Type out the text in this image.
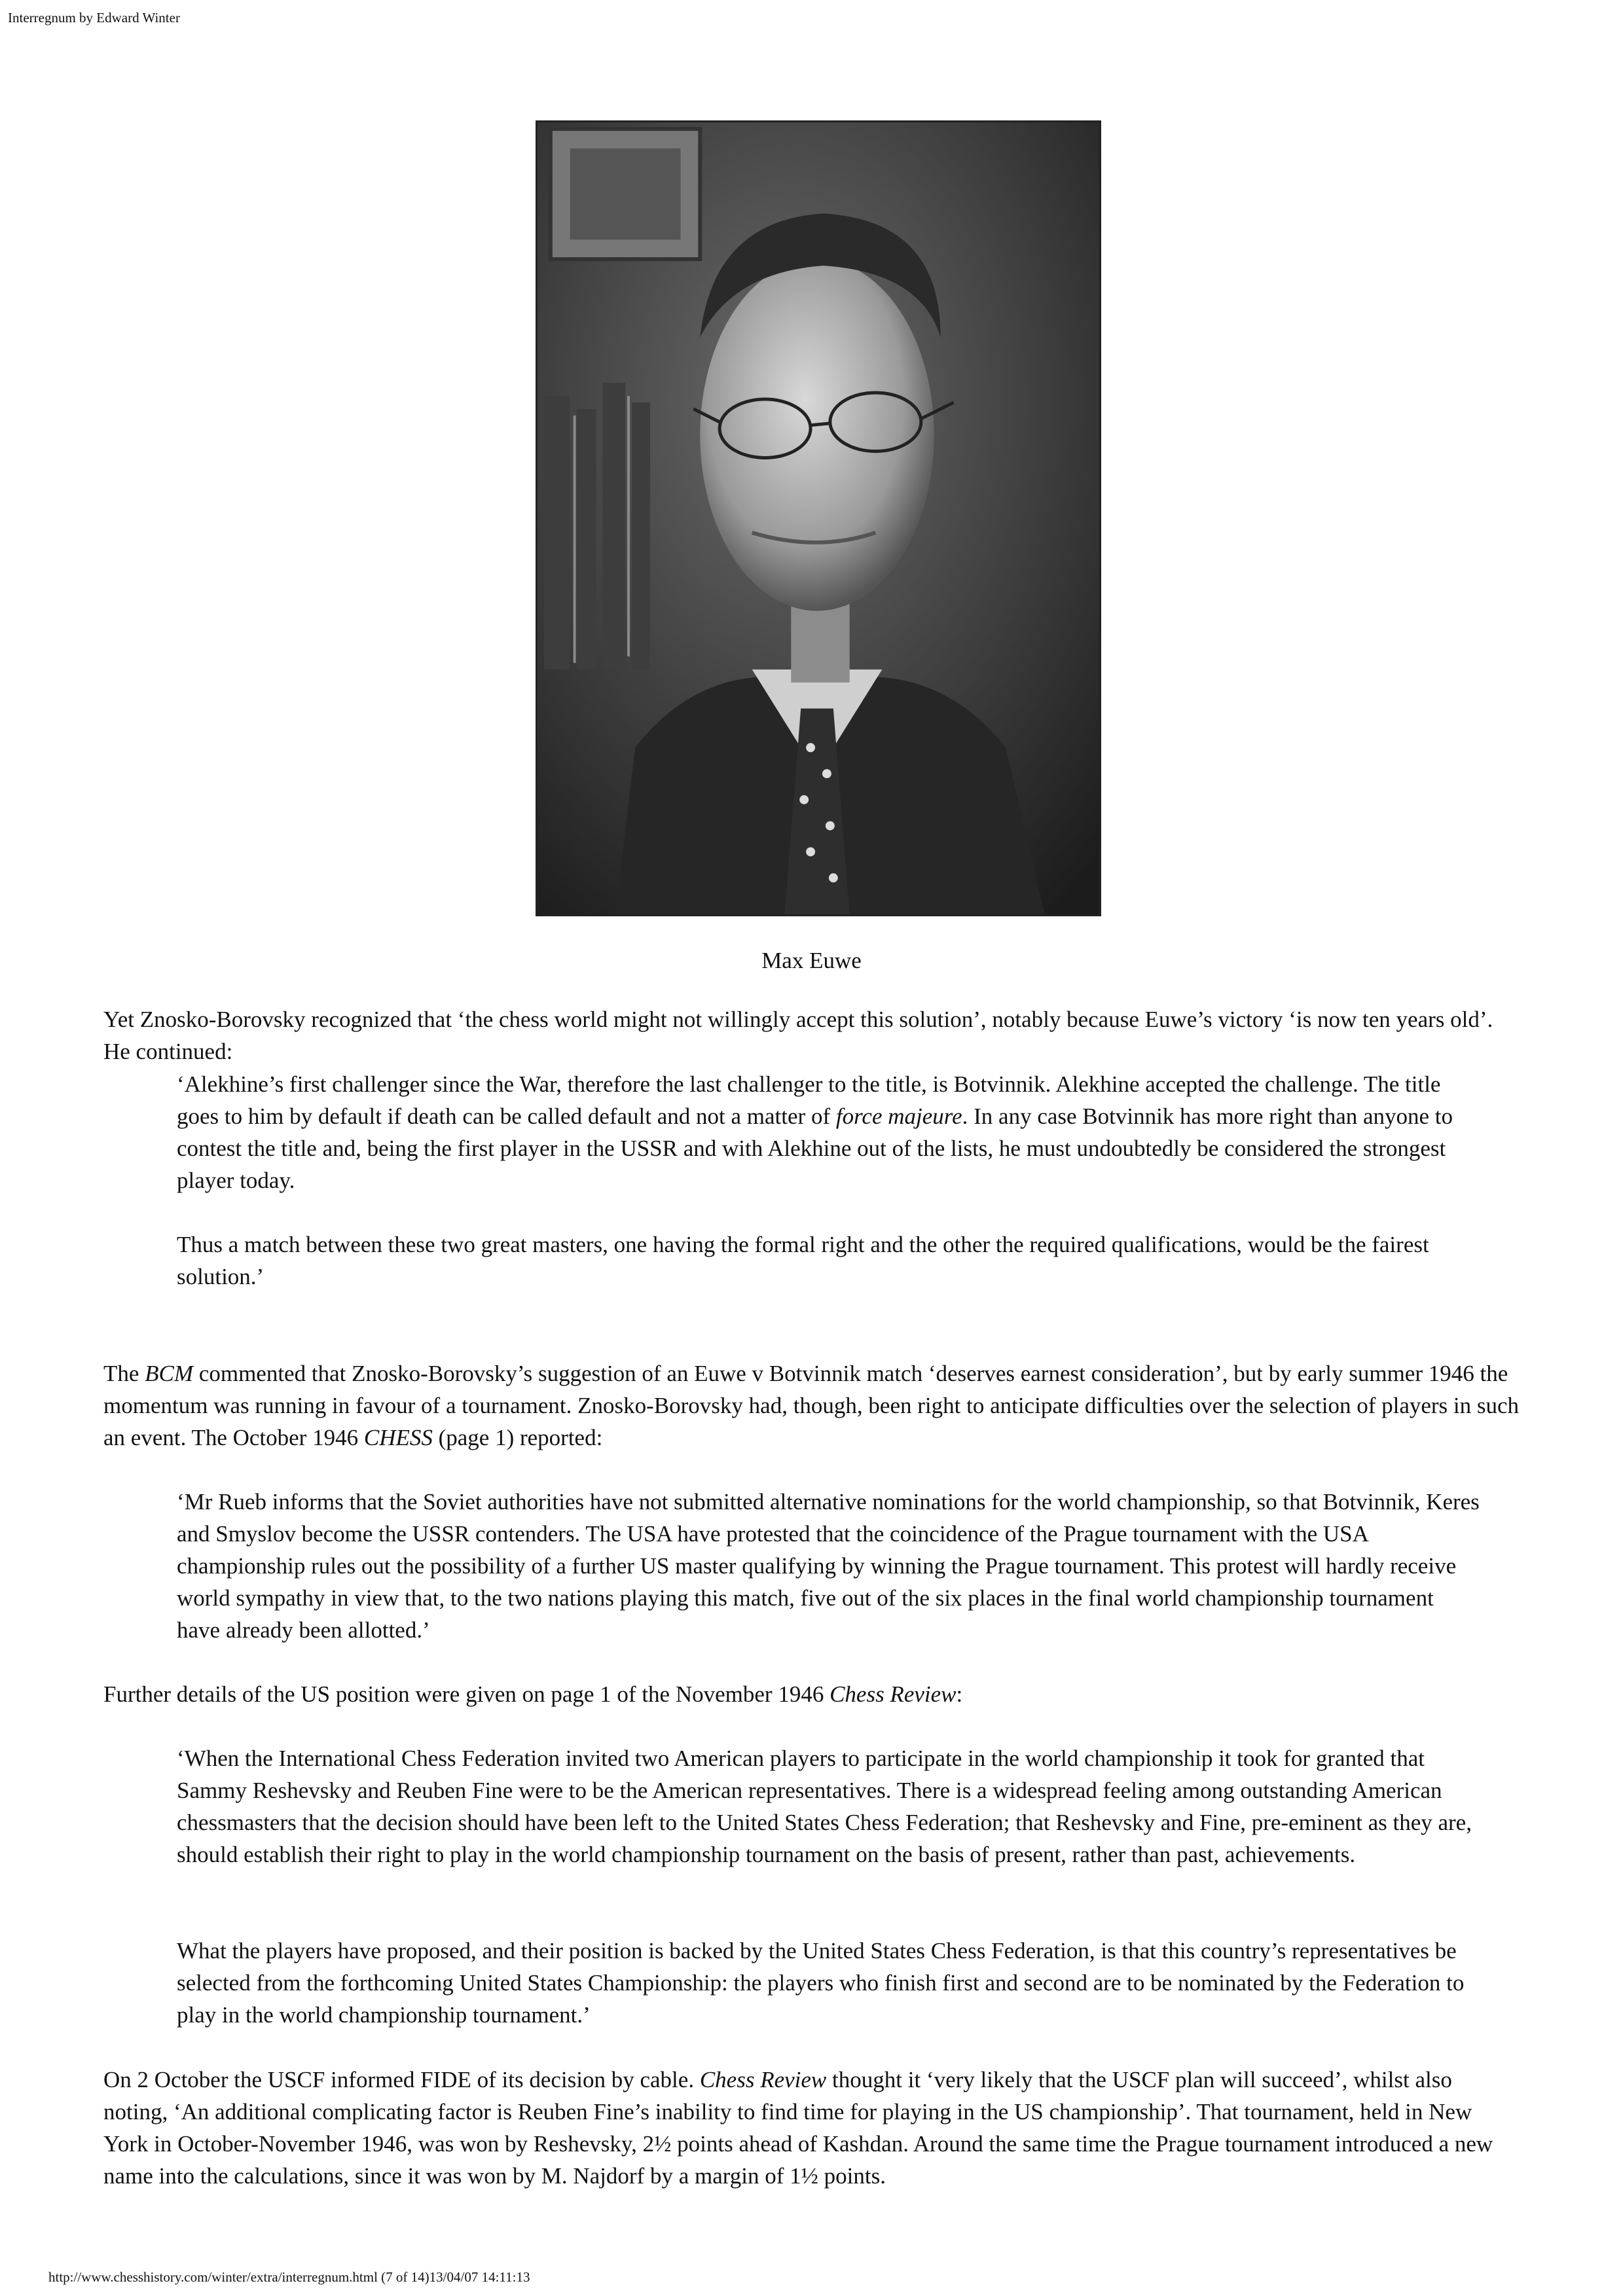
Interregnum by Edward Winter
Max Euwe

Yet Znosko-Borovsky recognized that ‘the chess world might not willingly accept this solution’, notably because Euwe’s victory ‘is now ten years old’. He continued:

‘Alekhine’s first challenger since the War, therefore the last challenger to the title, is Botvinnik. Alekhine accepted the challenge. The title goes to him by default if death can be called default and not a matter of force majeure. In any case Botvinnik has more right than anyone to contest the title and, being the first player in the USSR and with Alekhine out of the lists, he must undoubtedly be considered the strongest player today.

Thus a match between these two great masters, one having the formal right and the other the required qualifications, would be the fairest solution.’

The BCM commented that Znosko-Borovsky’s suggestion of an Euwe v Botvinnik match ‘deserves earnest consideration’, but by early summer 1946 the momentum was running in favour of a tournament. Znosko-Borovsky had, though, been right to anticipate difficulties over the selection of players in such an event. The October 1946 CHESS (page 1) reported:

‘Mr Rueb informs that the Soviet authorities have not submitted alternative nominations for the world championship, so that Botvinnik, Keres and Smyslov become the USSR contenders. The USA have protested that the coincidence of the Prague tournament with the USA championship rules out the possibility of a further US master qualifying by winning the Prague tournament. This protest will hardly receive world sympathy in view that, to the two nations playing this match, five out of the six places in the final world championship tournament have already been allotted.’

Further details of the US position were given on page 1 of the November 1946 Chess Review:

‘When the International Chess Federation invited two American players to participate in the world championship it took for granted that Sammy Reshevsky and Reuben Fine were to be the American representatives. There is a widespread feeling among outstanding American chessmasters that the decision should have been left to the United States Chess Federation; that Reshevsky and Fine, pre-eminent as they are, should establish their right to play in the world championship tournament on the basis of present, rather than past, achievements.

What the players have proposed, and their position is backed by the United States Chess Federation, is that this country’s representatives be selected from the forthcoming United States Championship: the players who finish first and second are to be nominated by the Federation to play in the world championship tournament.’

On 2 October the USCF informed FIDE of its decision by cable. Chess Review thought it ‘very likely that the USCF plan will succeed’, whilst also noting, ‘An additional complicating factor is Reuben Fine’s inability to find time for playing in the US championship’. That tournament, held in New York in October-November 1946, was won by Reshevsky, 2½ points ahead of Kashdan. Around the same time the Prague tournament introduced a new name into the calculations, since it was won by M. Najdorf by a margin of 1½ points.

http://www.chesshistory.com/winter/extra/interregnum.html (7 of 14)13/04/07 14:11:13
